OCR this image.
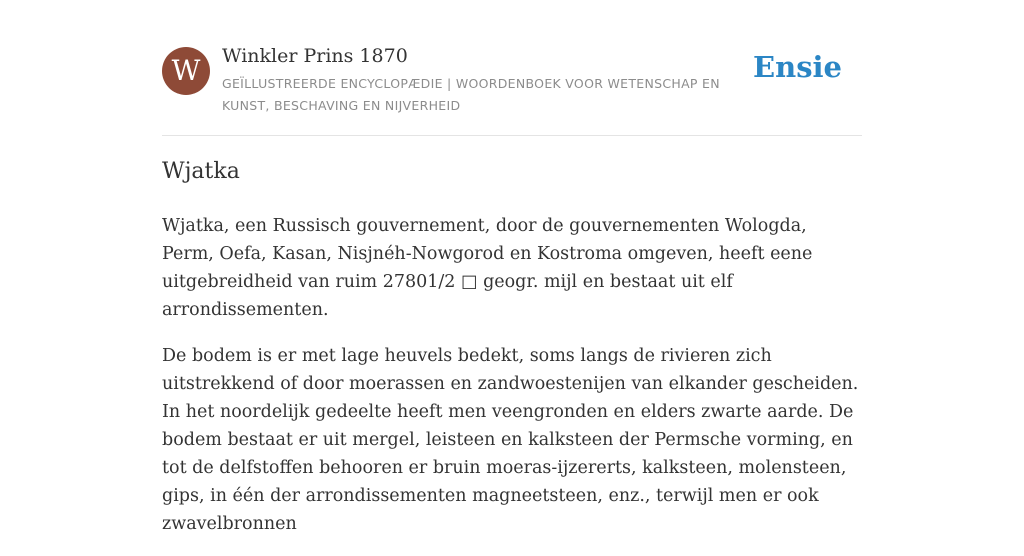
W	Winkler Prins 1870
GEÏLLUSTREERDE ENCYCLOPÆDIE | WOORDENBOEK VOOR WETENSCHAP EN KUNST, BESCHAVING EN NIJVERHEID
Ensie
Wjatka

Wjatka, een Russisch gouvernement, door de gouvernementen Wologda, Perm, Oefa, Kasan, Nisjnéh-Nowgorod en Kostroma omgeven, heeft eene uitgebreidheid van ruim 27801/2 □ geogr. mijl en bestaat uit elf arrondissementen.

De bodem is er met lage heuvels bedekt, soms langs de rivieren zich uitstrekkend of door moerassen en zandwoestenijen van elkander gescheiden. In het noordelijk gedeelte heeft men veengronden en elders zwarte aarde. De bodem bestaat er uit mergel, leisteen en kalksteen der Permsche vorming, en tot de delfstoffen behooren er bruin moeras-ijzererts, kalksteen, molensteen, gips, in één der arrondissementen magneetsteen, enz., terwijl men er ook zwavelbronnen
